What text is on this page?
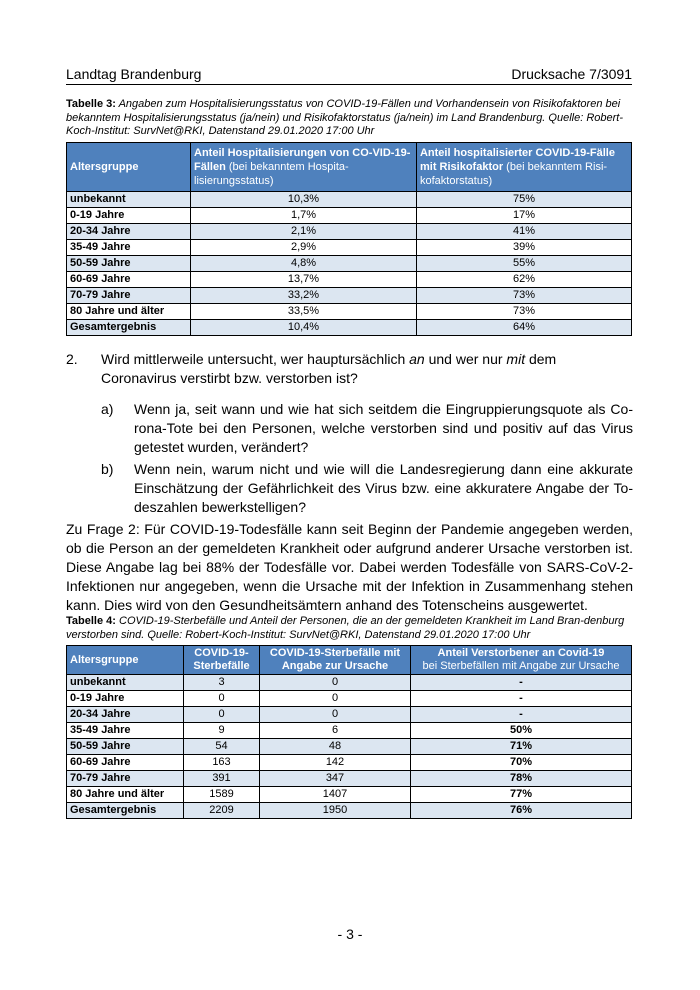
Landtag Brandenburg	Drucksache 7/3091
Tabelle 3: Angaben zum Hospitalisierungsstatus von COVID-19-Fällen und Vorhandensein von Risikofaktoren bei bekanntem Hospitalisierungsstatus (ja/nein) und Risikofaktorstatus (ja/nein) im Land Brandenburg. Quelle: Robert-Koch-Institut: SurvNet@RKI, Datenstand 29.01.2020 17:00 Uhr
Altersgruppe	Anteil Hospitalisierungen von CO-VID-19-Fällen (bei bekanntem Hospita-lisierungsstatus)	Anteil hospitalisierter COVID-19-Fälle mit Risikofaktor (bei bekanntem Risi-kofaktorstatus)
unbekannt	10,3%	75%
0-19 Jahre	1,7%	17%
20-34 Jahre	2,1%	41%
35-49 Jahre	2,9%	39%
50-59 Jahre	4,8%	55%
60-69 Jahre	13,7%	62%
70-79 Jahre	33,2%	73%
80 Jahre und älter	33,5%	73%
Gesamtergebnis	10,4%	64%
2. Wird mittlerweile untersucht, wer hauptursächlich an und wer nur mit dem Coronavirus verstirbt bzw. verstorben ist?
a) Wenn ja, seit wann und wie hat sich seitdem die Eingruppierungsquote als Co-rona-Tote bei den Personen, welche verstorben sind und positiv auf das Virus getestet wurden, verändert?
b) Wenn nein, warum nicht und wie will die Landesregierung dann eine akkurate Einschätzung der Gefährlichkeit des Virus bzw. eine akkuratere Angabe der To-deszahlen bewerkstelligen?
Zu Frage 2: Für COVID-19-Todesfälle kann seit Beginn der Pandemie angegeben werden, ob die Person an der gemeldeten Krankheit oder aufgrund anderer Ursache verstorben ist. Diese Angabe lag bei 88% der Todesfälle vor. Dabei werden Todesfälle von SARS-CoV-2-Infektionen nur angegeben, wenn die Ursache mit der Infektion in Zusammenhang stehen kann. Dies wird von den Gesundheitsämtern anhand des Totenscheins ausgewertet.
Tabelle 4: COVID-19-Sterbefälle und Anteil der Personen, die an der gemeldeten Krankheit im Land Bran-denburg verstorben sind. Quelle: Robert-Koch-Institut: SurvNet@RKI, Datenstand 29.01.2020 17:00 Uhr
Altersgruppe	COVID-19-Sterbefälle	COVID-19-Sterbefälle mit Angabe zur Ursache	Anteil Verstorbener an Covid-19
bei Sterbefällen mit Angabe zur Ursache
unbekannt	3	0	-
0-19 Jahre	0	0	-
20-34 Jahre	0	0	-
35-49 Jahre	9	6	50%
50-59 Jahre	54	48	71%
60-69 Jahre	163	142	70%
70-79 Jahre	391	347	78%
80 Jahre und älter	1589	1407	77%
Gesamtergebnis	2209	1950	76%
- 3 -
